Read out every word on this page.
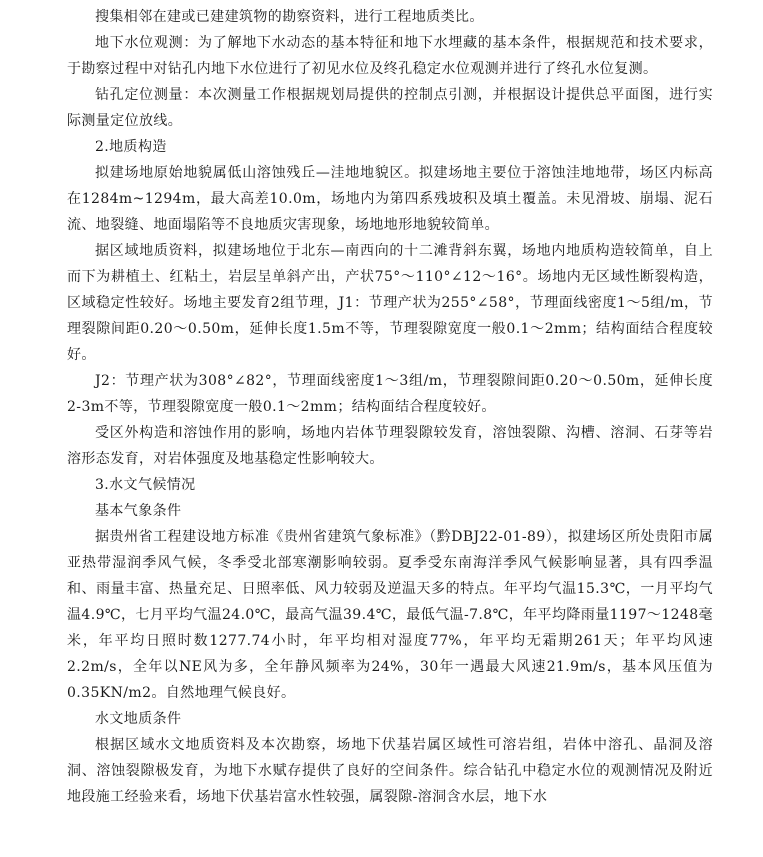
搜集相邻在建或已建建筑物的勘察资料，进行工程地质类比。

地下水位观测：为了解地下水动态的基本特征和地下水埋藏的基本条件，根据规范和技术要求，于勘察过程中对钻孔内地下水位进行了初见水位及终孔稳定水位观测并进行了终孔水位复测。

钻孔定位测量：本次测量工作根据规划局提供的控制点引测，并根据设计提供总平面图，进行实际测量定位放线。

2.地质构造

拟建场地原始地貌属低山溶蚀残丘—洼地地貌区。拟建场地主要位于溶蚀洼地地带，场区内标高在1284m~1294m，最大高差10.0m，场地内为第四系残坡积及填土覆盖。未见滑坡、崩塌、泥石流、地裂缝、地面塌陷等不良地质灾害现象，场地地形地貌较简单。

据区域地质资料，拟建场地位于北东—南西向的十二滩背斜东翼，场地内地质构造较简单，自上而下为耕植土、红粘土，岩层呈单斜产出，产状75°～110°∠12～16°。场地内无区域性断裂构造，区域稳定性较好。场地主要发育2组节理，J1：节理产状为255°∠58°，节理面线密度1～5组/m，节理裂隙间距0.20～0.50m，延伸长度1.5m不等，节理裂隙宽度一般0.1～2mm；结构面结合程度较好。

J2：节理产状为308°∠82°，节理面线密度1～3组/m，节理裂隙间距0.20～0.50m，延伸长度2-3m不等，节理裂隙宽度一般0.1～2mm；结构面结合程度较好。

受区外构造和溶蚀作用的影响，场地内岩体节理裂隙较发育，溶蚀裂隙、沟槽、溶洞、石芽等岩溶形态发育，对岩体强度及地基稳定性影响较大。

3.水文气候情况

基本气象条件

据贵州省工程建设地方标准《贵州省建筑气象标准》（黔DBJ22-01-89），拟建场区所处贵阳市属亚热带湿润季风气候，冬季受北部寒潮影响较弱。夏季受东南海洋季风气候影响显著，具有四季温和、雨量丰富、热量充足、日照率低、风力较弱及逆温天多的特点。年平均气温15.3℃，一月平均气温4.9℃，七月平均气温24.0℃，最高气温39.4℃，最低气温-7.8℃，年平均降雨量1197～1248毫米，年平均日照时数1277.74小时，年平均相对湿度77%，年平均无霜期261天；年平均风速2.2m/s，全年以NE风为多，全年静风频率为24%，30年一遇最大风速21.9m/s，基本风压值为0.35KN/m2。自然地理气候良好。

水文地质条件

根据区域水文地质资料及本次勘察，场地下伏基岩属区域性可溶岩组，岩体中溶孔、晶洞及溶洞、溶蚀裂隙极发育，为地下水赋存提供了良好的空间条件。综合钻孔中稳定水位的观测情况及附近地段施工经验来看，场地下伏基岩富水性较强，属裂隙-溶洞含水层，地下水
